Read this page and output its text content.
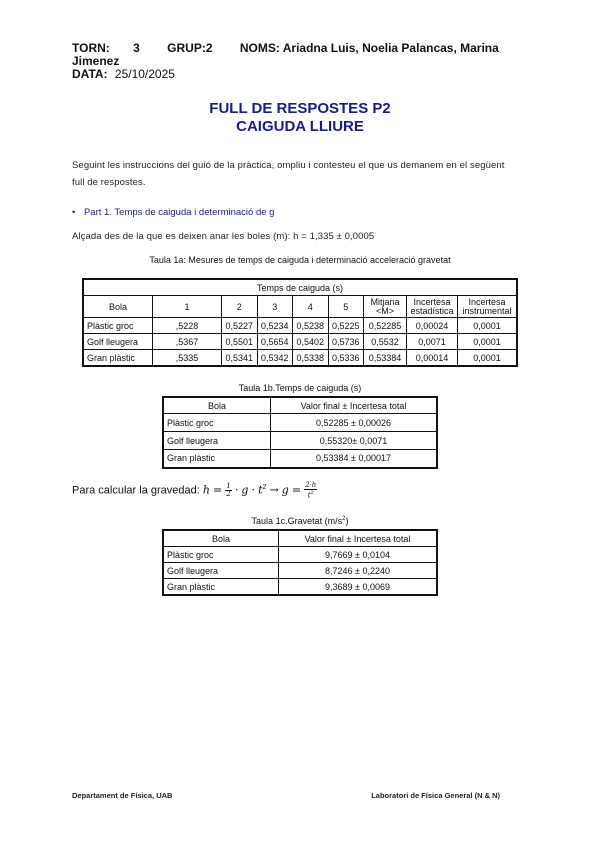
TORN: 3 GRUP:2 NOMS: Ariadna Luis, Noelia Palancas, Marina
Jimenez
DATA: 25/10/2025
FULL DE RESPOSTES P2
CAIGUDA LLIURE
Seguint les instruccions del guió de la pràctica, ompliu i contesteu el que us demanem en el següent
full de respostes.
• Part 1. Temps de caiguda i determinació de g
Alçada des de la que es deixen anar les boles (m): h = 1,335 ± 0,0005
Taula 1a: Mesures de temps de caiguda i determinació acceleració gravetat
Temps de caiguda (s)								
Bola	1	2	3	4	5	Mitjana <M>	Incertesa estadística	Incertesa instrumental
Plàstic groc	,5228	0,5227	0,5234	0,5238	0,5225	0,52285	0,00024	0,0001
Golf lleugera	,5367	0,5501	0,5654	0,5402	0,5736	0,5532	0,0071	0,0001
Gran plàstic	,5335	0,5341	0,5342	0,5338	0,5336	0,53384	0,00014	0,0001
Taula 1b.Temps de caiguda (s)
Bola	Valor final ± Incertesa total
Plàstic groc	0,52285 ± 0,00026
Golf lleugera	0,55320± 0,0071
Gran plàstic	0,53384 ± 0,00017
Para calcular la gravedad: $h = \frac{1}{2} \cdot g \cdot t^2 \to g = \frac{2\cdot h}{t^2}$
Taula 1c.Gravetat $(m/s^2)$
Bola	Valor final ± Incertesa total
Plàstic groc	9,7669 ± 0,0104
Golf lleugera	8,7246 ± 0,2240
Gran plàstic	9,3689 ± 0,0069
Departament de Física, UAB	Laboratori de Física General (N & N)
